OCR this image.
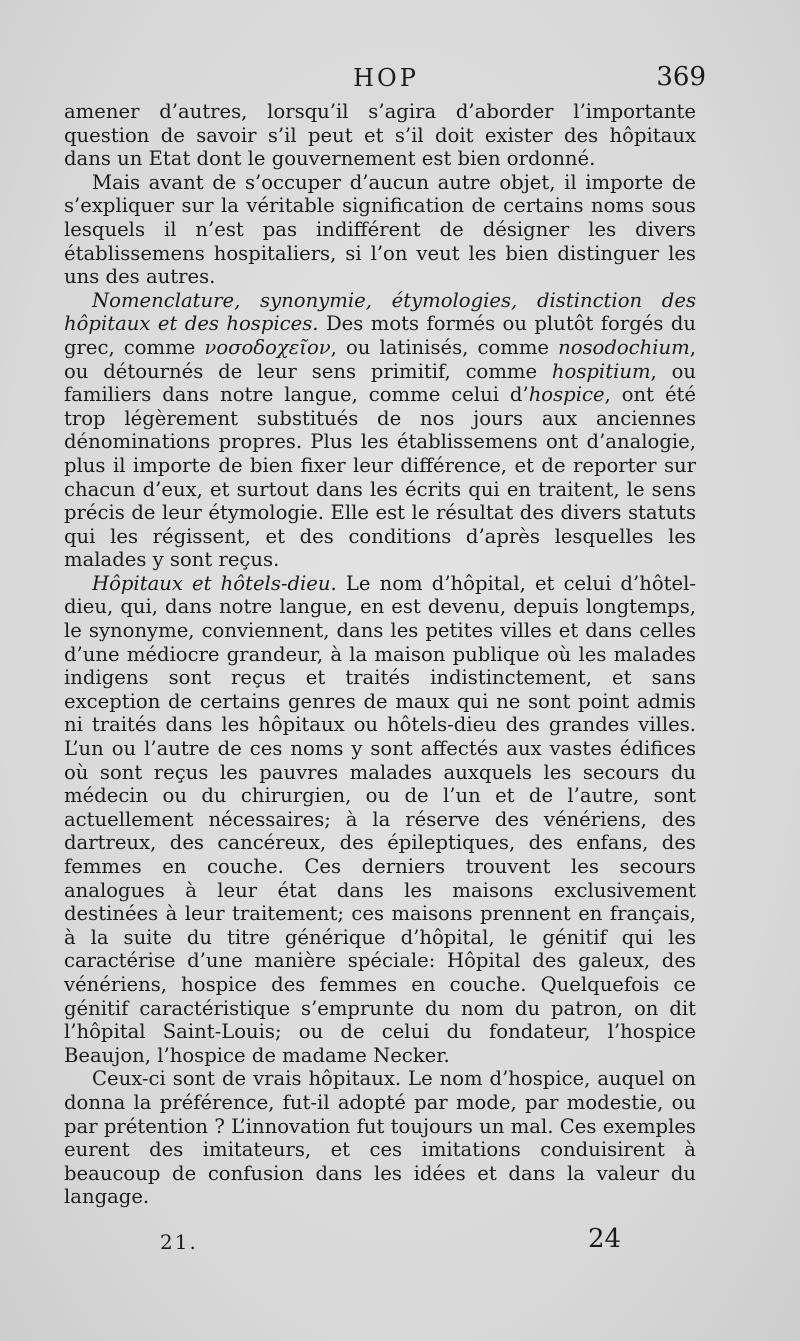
HOP	369

amener d’autres, lorsqu’il s’agira d’aborder l’importante question de savoir s’il peut et s’il doit exister des hôpitaux dans un Etat dont le gouvernement est bien ordonné.

Mais avant de s’occuper d’aucun autre objet, il importe de s’expliquer sur la véritable signification de certains noms sous lesquels il n’est pas indifférent de désigner les divers établissemens hospitaliers, si l’on veut les bien distinguer les uns des autres.

Nomenclature, synonymie, étymologies, distinction des hôpitaux et des hospices. Des mots formés ou plutôt forgés du grec, comme νοσοδοχεῖον, ou latinisés, comme nosodochium, ou détournés de leur sens primitif, comme hospitium, ou familiers dans notre langue, comme celui d’hospice, ont été trop légèrement substitués de nos jours aux anciennes dénominations propres. Plus les établissemens ont d’analogie, plus il importe de bien fixer leur différence, et de reporter sur chacun d’eux, et surtout dans les écrits qui en traitent, le sens précis de leur étymologie. Elle est le résultat des divers statuts qui les régissent, et des conditions d’après lesquelles les malades y sont reçus.

Hôpitaux et hôtels-dieu. Le nom d’hôpital, et celui d’hôtel-dieu, qui, dans notre langue, en est devenu, depuis longtemps, le synonyme, conviennent, dans les petites villes et dans celles d’une médiocre grandeur, à la maison publique où les malades indigens sont reçus et traités indistinctement, et sans exception de certains genres de maux qui ne sont point admis ni traités dans les hôpitaux ou hôtels-dieu des grandes villes. L’un ou l’autre de ces noms y sont affectés aux vastes édifices où sont reçus les pauvres malades auxquels les secours du médecin ou du chirurgien, ou de l’un et de l’autre, sont actuellement nécessaires; à la réserve des vénériens, des dartreux, des cancéreux, des épileptiques, des enfans, des femmes en couche. Ces derniers trouvent les secours analogues à leur état dans les maisons exclusivement destinées à leur traitement; ces maisons prennent en français, à la suite du titre générique d’hôpital, le génitif qui les caractérise d’une manière spéciale: Hôpital des galeux, des vénériens, hospice des femmes en couche. Quelquefois ce génitif caractéristique s’emprunte du nom du patron, on dit l’hôpital Saint-Louis; ou de celui du fondateur, l’hospice Beaujon, l’hospice de madame Necker.

Ceux-ci sont de vrais hôpitaux. Le nom d’hospice, auquel on donna la préférence, fut-il adopté par mode, par modestie, ou par prétention ? L’innovation fut toujours un mal. Ces exemples eurent des imitateurs, et ces imitations conduisirent à beaucoup de confusion dans les idées et dans la valeur du langage.

21.	24
